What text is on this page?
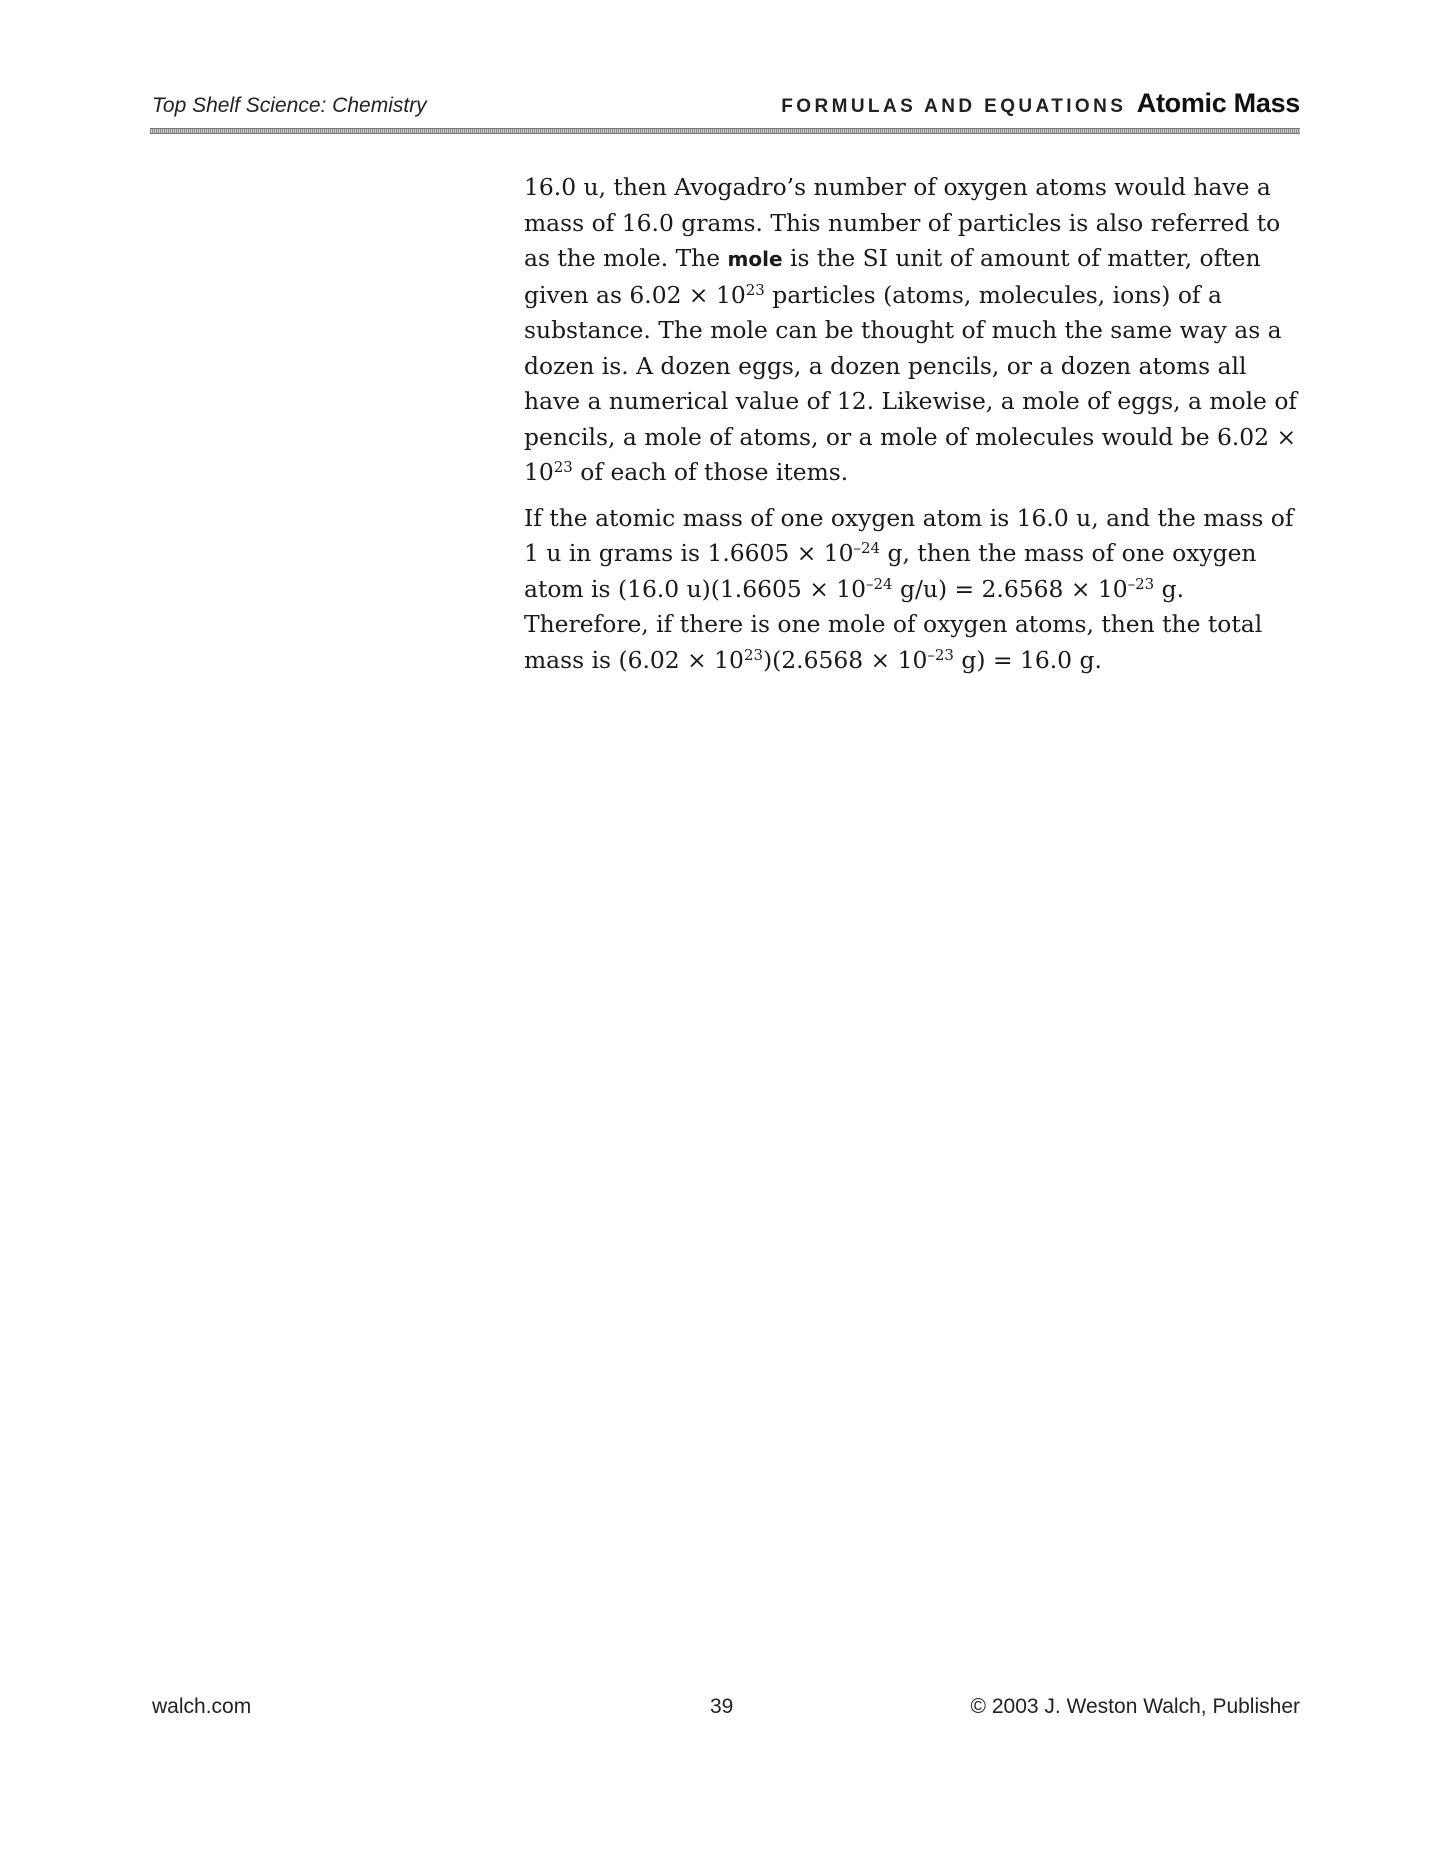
Top Shelf Science: Chemistry	FORMULAS AND EQUATIONS Atomic Mass

16.0 u, then Avogadro’s number of oxygen atoms would have a mass of 16.0 grams. This number of particles is also referred to as the mole. The mole is the SI unit of amount of matter, often given as $6.02 \times 10^{23}$ particles (atoms, molecules, ions) of a substance. The mole can be thought of much the same way as a dozen is. A dozen eggs, a dozen pencils, or a dozen atoms all have a numerical value of 12. Likewise, a mole of eggs, a mole of pencils, a mole of atoms, or a mole of molecules would be $6.02 \times 10^{23}$ of each of those items.

If the atomic mass of one oxygen atom is 16.0 u, and the mass of 1 u in grams is $1.6605 \times 10^{-24}$ g, then the mass of one oxygen atom is (16.0 $u)(1.6605 \times 10^{-24}$ $g/u) = 2.6568 \times 10^{-23}$ g. Therefore, if there is one mole of oxygen atoms, then the total mass is $(6.02 \times 10^{23})(2.6568 \times 10^{-23}$ g) = 16.0 g.

walch.com	39	© 2003 J. Weston Walch, Publisher
